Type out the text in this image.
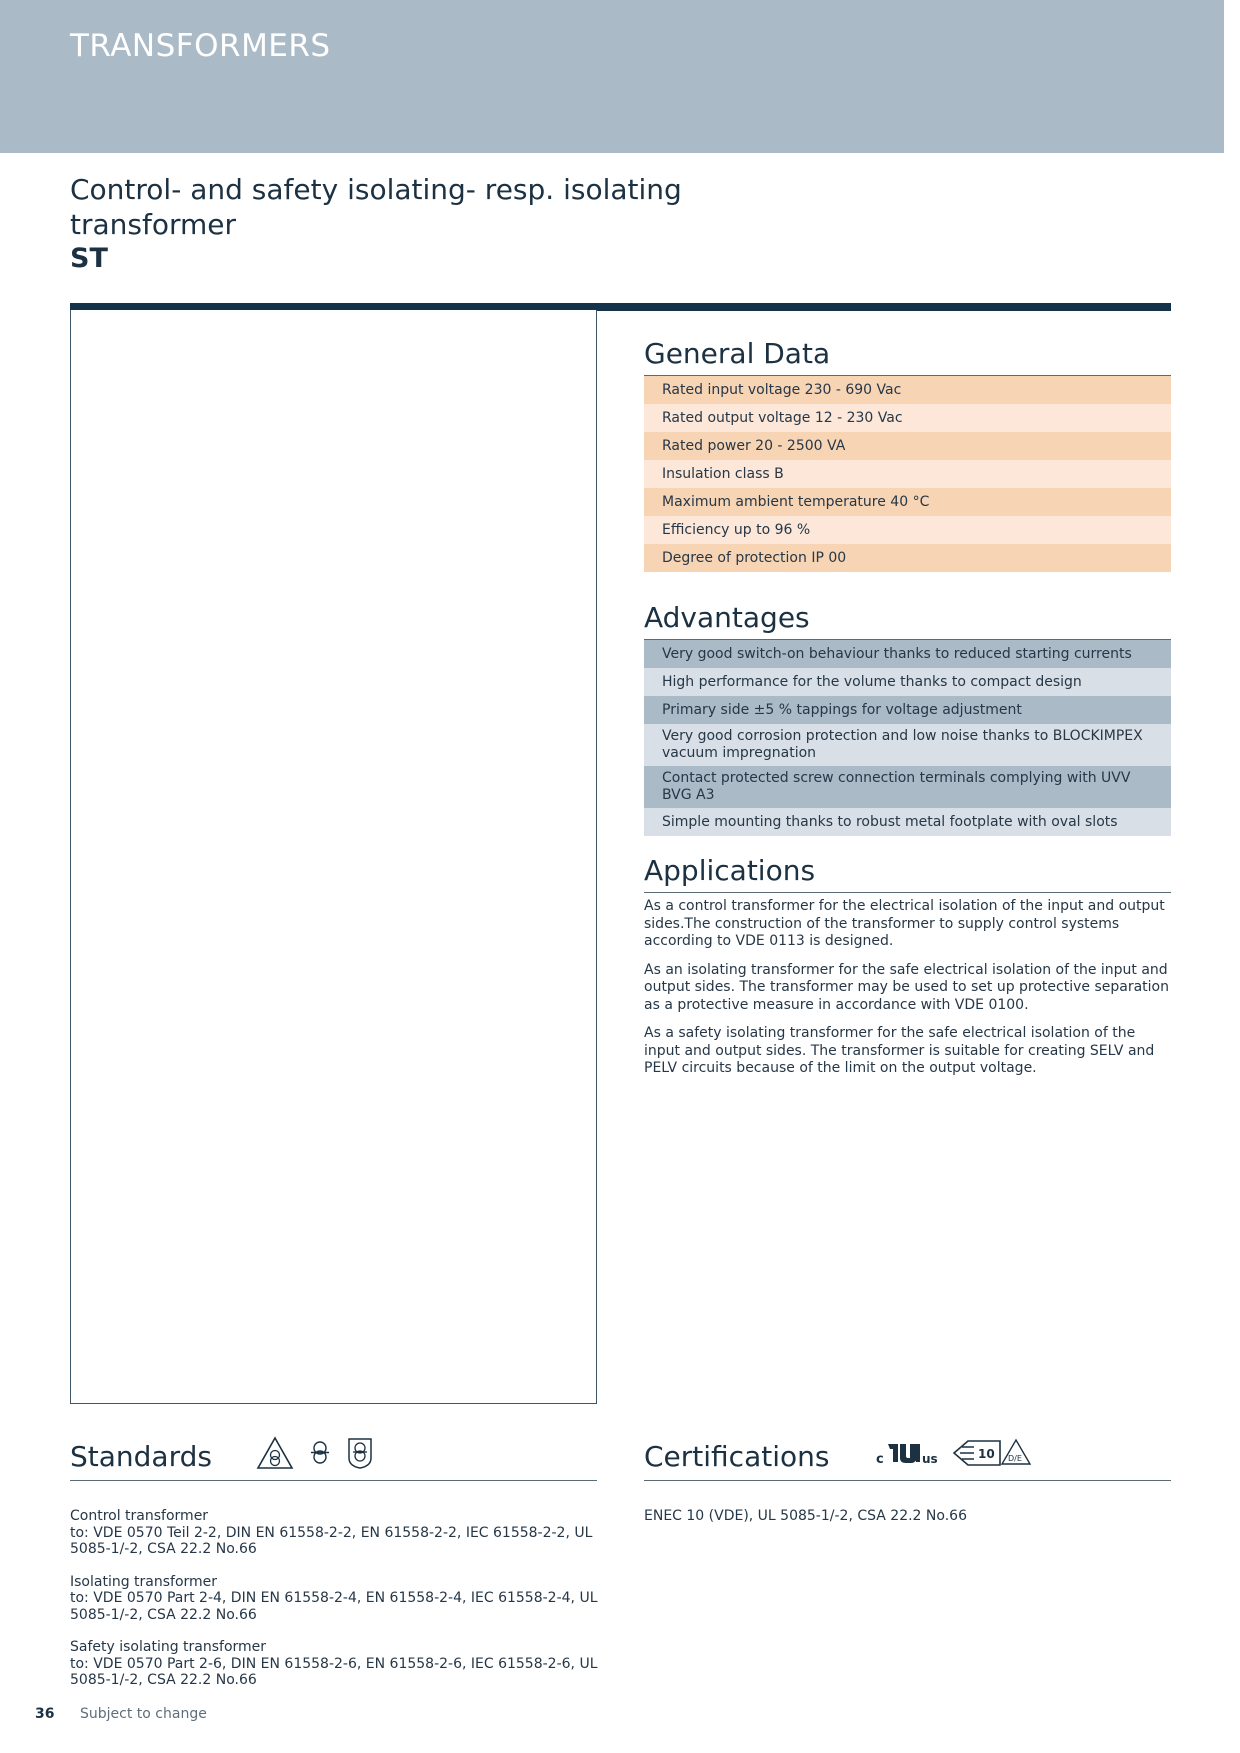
TRANSFORMERS
Control- and safety isolating- resp. isolating transformer
ST
General Data
Rated input voltage 230 - 690 Vac
Rated output voltage 12 - 230 Vac
Rated power 20 - 2500 VA
Insulation class B
Maximum ambient temperature 40 °C
Efficiency up to 96 %
Degree of protection IP 00
Advantages
Very good switch-on behaviour thanks to reduced starting currents
High performance for the volume thanks to compact design
Primary side ±5 % tappings for voltage adjustment
Very good corrosion protection and low noise thanks to BLOCKIMPEX vacuum impregnation
Contact protected screw connection terminals complying with UVV BVG A3
Simple mounting thanks to robust metal footplate with oval slots
Applications

As a control transformer for the electrical isolation of the input and output sides.The construction of the transformer to supply control systems according to VDE 0113 is designed.

As an isolating transformer for the safe electrical isolation of the input and output sides. The transformer may be used to set up protective separation as a protective measure in accordance with VDE 0100.

As a safety isolating transformer for the safe electrical isolation of the input and output sides. The transformer is suitable for creating SELV and PELV circuits because of the limit on the output voltage.

Standards	Certifications	c	us	10 D/E
Control transformer
to: VDE 0570 Teil 2-2, DIN EN 61558-2-2, EN 61558-2-2, IEC 61558-2-2, UL 5085-1/-2, CSA 22.2 No.66
Isolating transformer
to: VDE 0570 Part 2-4, DIN EN 61558-2-4, EN 61558-2-4, IEC 61558-2-4, UL 5085-1/-2, CSA 22.2 No.66
Safety isolating transformer
to: VDE 0570 Part 2-6, DIN EN 61558-2-6, EN 61558-2-6, IEC 61558-2-6, UL 5085-1/-2, CSA 22.2 No.66
ENEC 10 (VDE), UL 5085-1/-2, CSA 22.2 No.66
36 Subject to change
